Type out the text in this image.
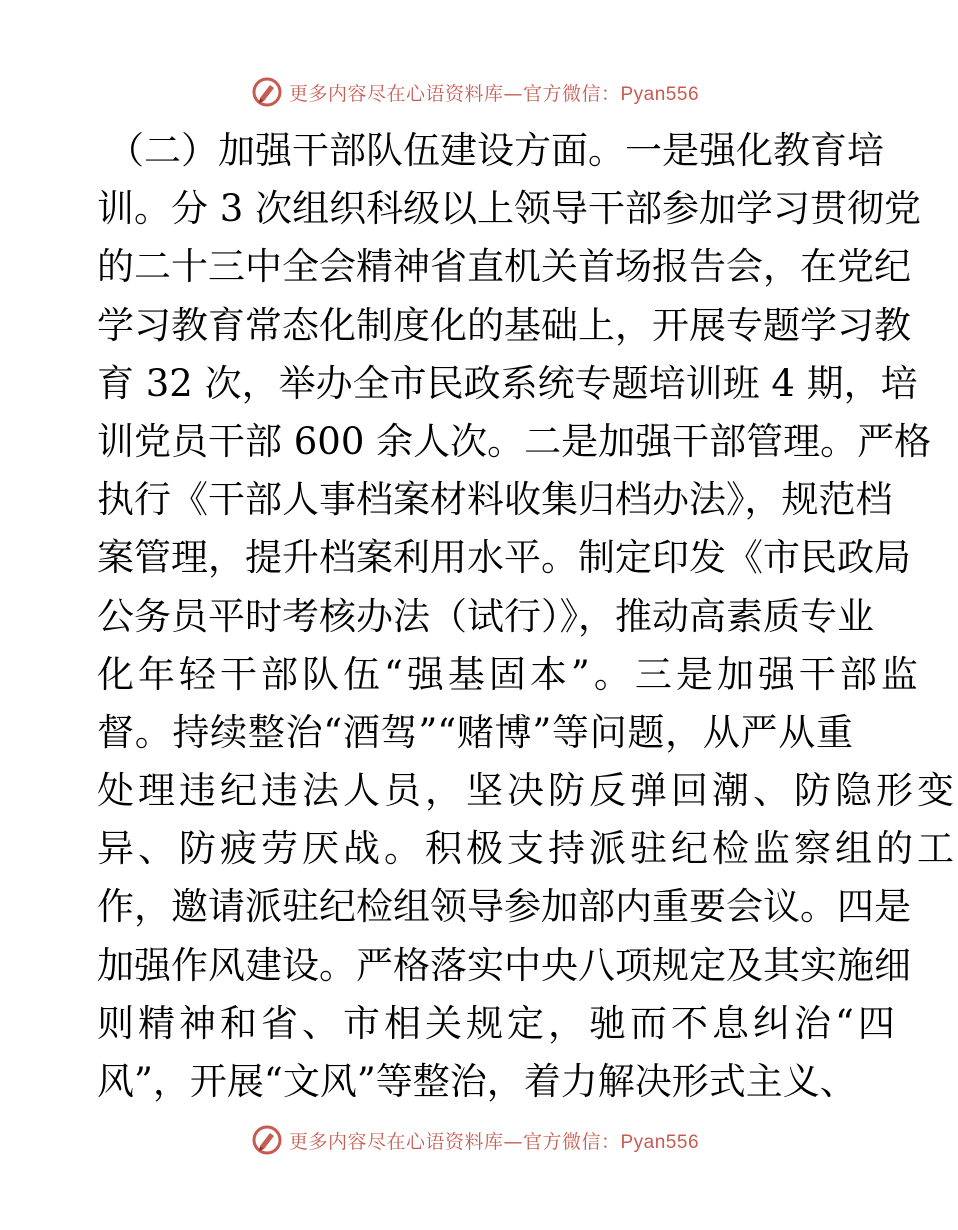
更多内容尽在心语资料库—官方微信：Pyan556
（二）加强干部队伍建设方面。一是强化教育培
训。分 3 次组织科级以上领导干部参加学习贯彻党
的二十三中全会精神省直机关首场报告会，在党纪
学习教育常态化制度化的基础上，开展专题学习教
育 32 次，举办全市民政系统专题培训班 4 期，培
训党员干部 600 余人次。二是加强干部管理。严格
执行《干部人事档案材料收集归档办法》，规范档
案管理，提升档案利用水平。制定印发《市民政局
公务员平时考核办法（试行）》，推动高素质专业
化年轻干部队伍“强基固本”。三是加强干部监
督。持续整治“酒驾”“赌博”等问题，从严从重
处理违纪违法人员，坚决防反弹回潮、防隐形变
异、防疲劳厌战。积极支持派驻纪检监察组的工
作，邀请派驻纪检组领导参加部内重要会议。四是
加强作风建设。严格落实中央八项规定及其实施细
则精神和省、市相关规定，驰而不息纠治“四
风”，开展“文风”等整治，着力解决形式主义、
更多内容尽在心语资料库—官方微信：Pyan556
